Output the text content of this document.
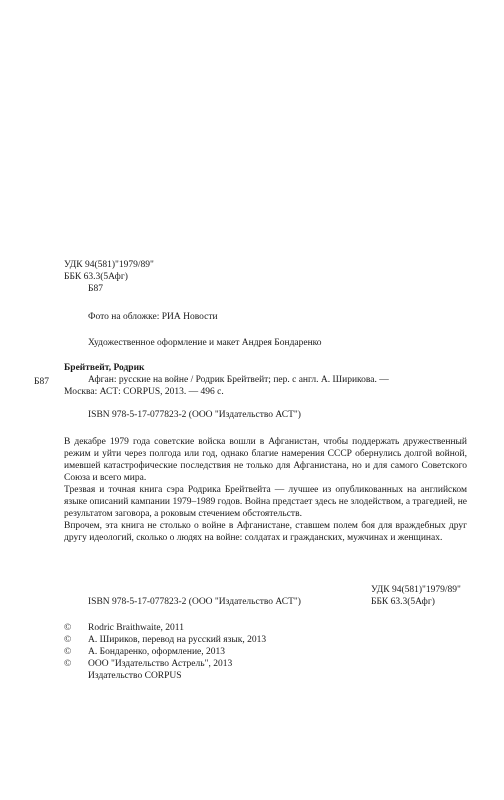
УДК 94(581)"1979/89"
ББК 63.3(5Афг)
Б87
Фото на обложке: РИА Новости
Художественное оформление и макет Андрея Бондаренко
Б87
Брейтвейт, Родрик
Афган: русские на войне / Родрик Брейтвейт; пер. с англ. А. Ширикова. —
Москва: АСТ: CORPUS, 2013. — 496 с.
ISBN 978-5-17-077823-2 (ООО "Издательство АСТ")
В декабре 1979 года советские войска вошли в Афганистан, чтобы поддержать дружественный режим и уйти через полгода или год, однако благие намерения СССР обернулись долгой войной, имевшей катастрофические последствия не только для Афганистана, но и для самого Советского Союза и всего мира.
Трезвая и точная книга сэра Родрика Брейтвейта — лучшее из опубликованных на английском языке описаний кампании 1979–1989 годов. Война предстает здесь не злодейством, а трагедией, не результатом заговора, а роковым стечением обстоятельств.
Впрочем, эта книга не столько о войне в Афганистане, ставшем полем боя для враждебных друг другу идеологий, сколько о людях на войне: солдатах и гражданских, мужчинах и женщинах.
УДК 94(581)"1979/89"
ББК 63.3(5Афг)
ISBN 978-5-17-077823-2 (ООО "Издательство АСТ")
©	Rodric Braithwaite, 2011
©	А. Шириков, перевод на русский язык, 2013
©	А. Бондаренко, оформление, 2013
©	ООО "Издательство Астрель", 2013
Издательство CORPUS
